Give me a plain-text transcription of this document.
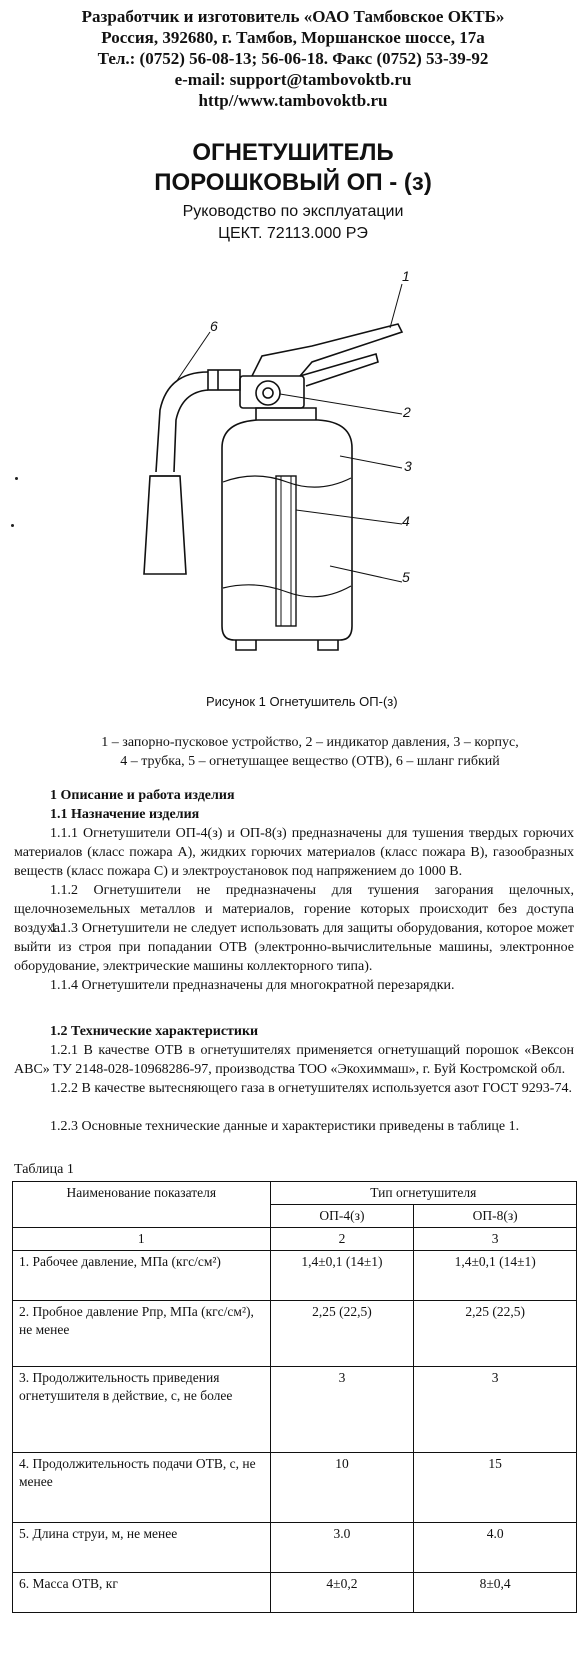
Разработчик и изготовитель «ОАО Тамбовское ОКТБ»
Россия, 392680, г. Тамбов, Моршанское шоссе, 17а
Тел.: (0752) 56-08-13; 56-06-18. Факс (0752) 53-39-92
e-mail: support@tambovoktb.ru
http//www.tambovoktb.ru
ОГНЕТУШИТЕЛЬ
ПОРОШКОВЫЙ ОП - (з)
Руководство по эксплуатации
ЦЕКТ. 72113.000 РЭ
1
2
3
4
5
6
Рисунок 1 Огнетушитель ОП-(з)
1 – запорно-пусковое устройство, 2 – индикатор давления, 3 – корпус,
4 – трубка, 5 – огнетушащее вещество (ОТВ), 6 – шланг гибкий
1 Описание и работа изделия
1.1 Назначение изделия
1.1.1 Огнетушители ОП-4(з) и ОП-8(з) предназначены для тушения твердых горючих материалов (класс пожара А), жидких горючих материалов (класс пожара В), газообразных веществ (класс пожара С) и электроустановок под напряжением до 1000 В.
1.1.2 Огнетушители не предназначены для тушения загорания щелочных, щелочноземельных металлов и материалов, горение которых происходит без доступа воздуха.
1.1.3 Огнетушители не следует использовать для защиты оборудования, которое может выйти из строя при попадании ОТВ (электронно-вычислительные машины, электронное оборудование, электрические машины коллекторного типа).
1.1.4 Огнетушители предназначены для многократной перезарядки.
1.2 Технические характеристики
1.2.1 В качестве ОТВ в огнетушителях применяется огнетушащий порошок «Вексон АВС» ТУ 2148-028-10968286-97, производства ТОО «Экохиммаш», г. Буй Костромской обл.
1.2.2 В качестве вытесняющего газа в огнетушителях используется азот ГОСТ 9293-74.
1.2.3 Основные технические данные и характеристики приведены в таблице 1.
Таблица 1
Наименование показателя	Тип огнетушителя	
	ОП-4(з)	ОП-8(з)
1	2	3
1. Рабочее давление, МПа (кгс/см²)	1,4±0,1 (14±1)	1,4±0,1 (14±1)
2. Пробное давление Рпр, МПа (кгс/см²), не менее	2,25 (22,5)	2,25 (22,5)
3. Продолжительность приведения огнетушителя в действие, с, не более	3	3
4. Продолжительность подачи ОТВ, с, не менее	10	15
5. Длина струи, м, не менее	3.0	4.0
6. Масса ОТВ, кг	4±0,2	8±0,4
